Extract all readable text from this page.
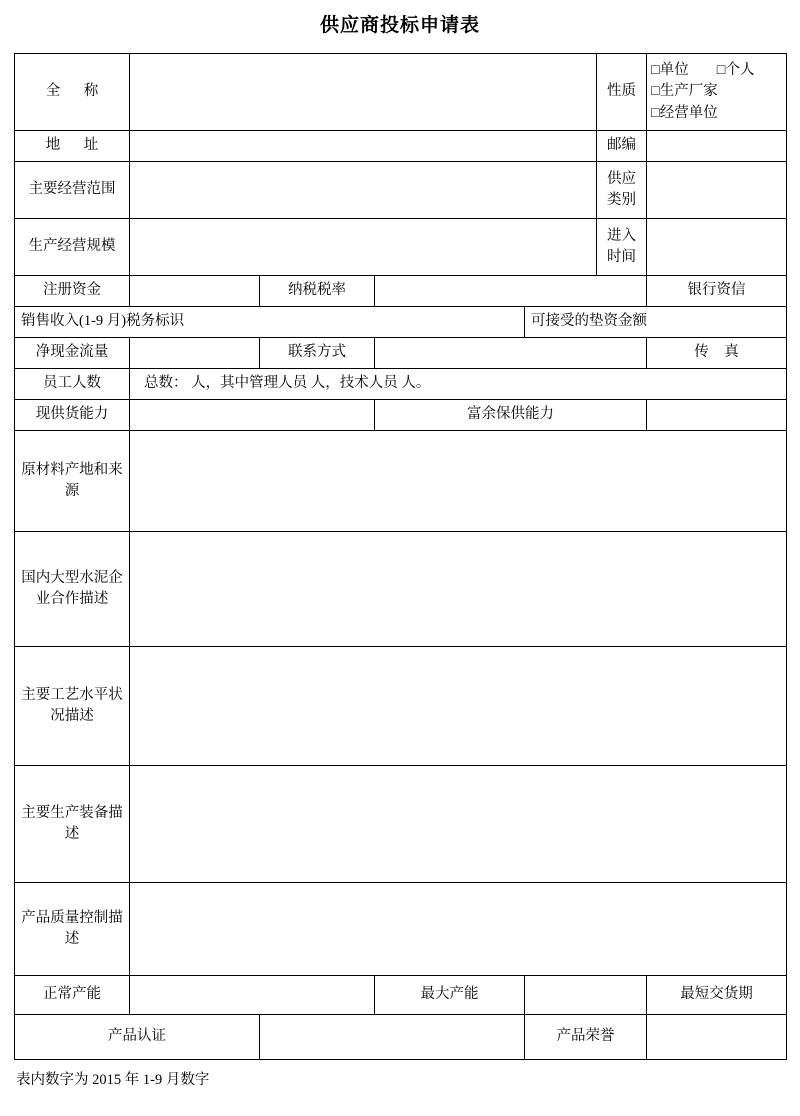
供应商投标申请表
全 称					性质	□单位 □个人
□生产厂家
□经营单位

地 址					邮编	

主要经营范围					供应类别	

生产经营规模					进入时间	

注册资金		纳税税率				银行资信
销售收入(1-9 月)税务标识				可接受的垫资金额		
净现金流量		联系方式				传 真
员工人数	总数： 人，其中管理人员 人，技术人员 人。					
现供货能力			富余保供能力			
原材料产地和来源						
国内大型水泥企业合作描述						
主要工艺水平状况描述						
主要生产装备描述						
产品质量控制描述						
正常产能			最大产能			最短交货期
产品认证				产品荣誉		
表内数字为 2015 年 1-9 月数字
